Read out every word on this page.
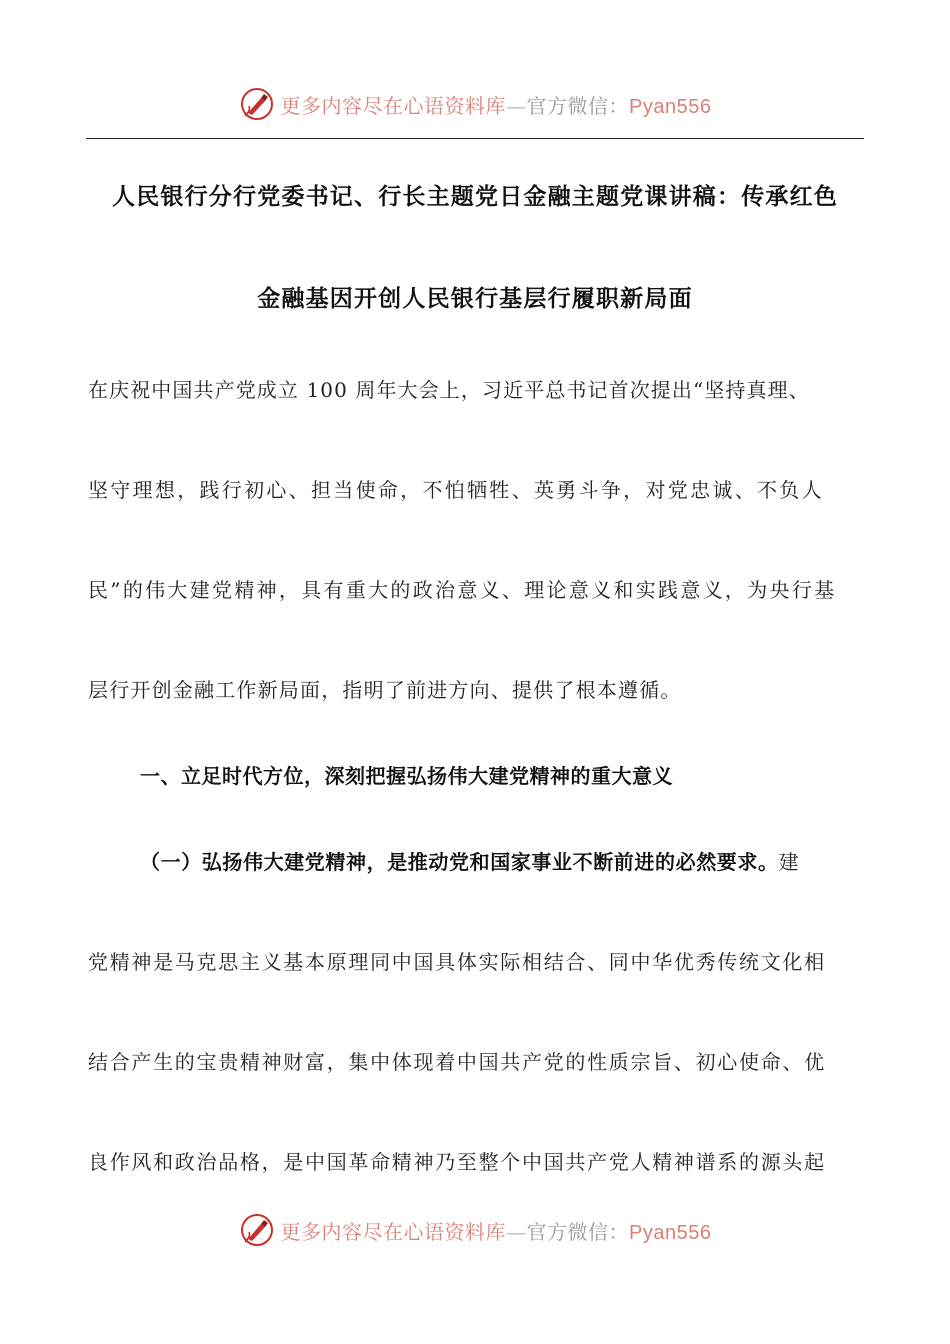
更多内容尽在心语资料库—官方微信：Pyan556
人民银行分行党委书记、行长主题党日金融主题党课讲稿：传承红色
金融基因开创人民银行基层行履职新局面
在庆祝中国共产党成立 100 周年大会上，习近平总书记首次提出“坚持真理、
坚守理想，践行初心、担当使命，不怕牺牲、英勇斗争，对党忠诚、不负人
民”的伟大建党精神，具有重大的政治意义、理论意义和实践意义，为央行基
层行开创金融工作新局面，指明了前进方向、提供了根本遵循。
一、立足时代方位，深刻把握弘扬伟大建党精神的重大意义
（一）弘扬伟大建党精神，是推动党和国家事业不断前进的必然要求。建
党精神是马克思主义基本原理同中国具体实际相结合、同中华优秀传统文化相
结合产生的宝贵精神财富，集中体现着中国共产党的性质宗旨、初心使命、优
良作风和政治品格，是中国革命精神乃至整个中国共产党人精神谱系的源头起
更多内容尽在心语资料库—官方微信：Pyan556
